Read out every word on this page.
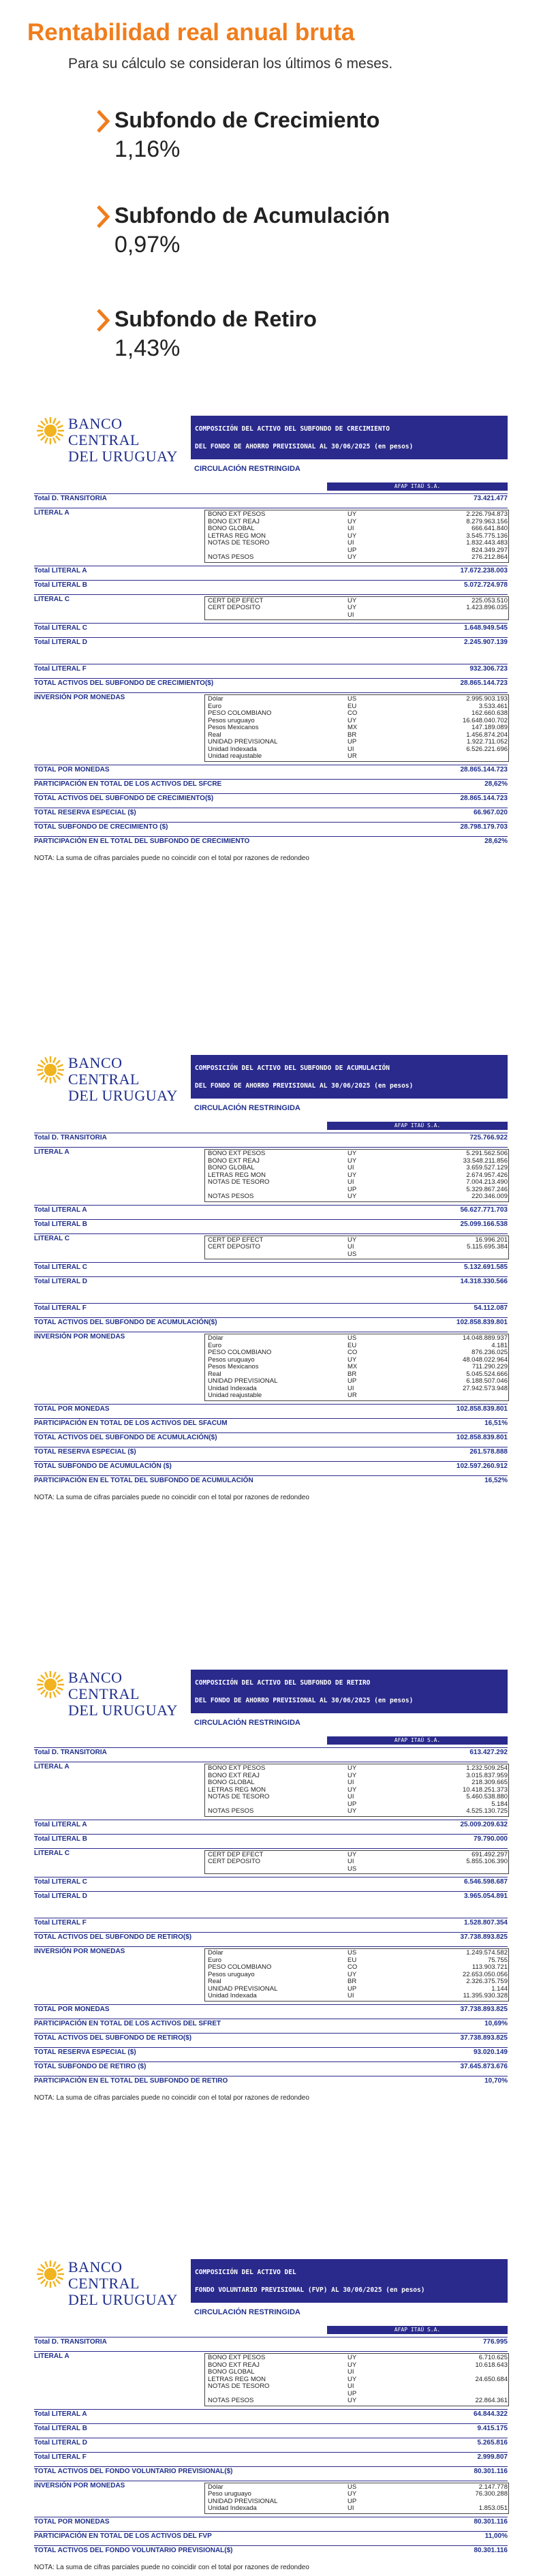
Rentabilidad real anual bruta

Para su cálculo se consideran los últimos 6 meses.

Subfondo de Crecimiento
1,16%
Subfondo de Acumulación
0,97%
Subfondo de Retiro
1,43%
BANCO CENTRAL
DEL URUGUAY
COMPOSICIÓN DEL ACTIVO DEL SUBFONDO DE CRECIMIENTO
DEL FONDO DE AHORRO PREVISIONAL AL 30/06/2025 (en pesos)
CIRCULACIÓN RESTRINGIDA
AFAP ITAÚ S.A.
Total D. TRANSITORIA	73.421.477
LITERAL A	BONO EXT PESOS	UY	2.226.794.873
BONO EXT REAJ	UY	8.279.963.156
BONO GLOBAL	UI	666.641.840
LETRAS REG MON	UY	3.545.775.136
NOTAS DE TESORO	UI	1.832.443.483
UP	824.349.297
NOTAS PESOS	UY	276.212.864
Total LITERAL A	17.672.238.003
Total LITERAL B	5.072.724.978
LITERAL C	CERT DEP EFECT	UY	225.053.510
CERT DEPOSITO	UY	1.423.896.035
UI
Total LITERAL C	1.648.949.545
Total LITERAL D	2.245.907.139
Total LITERAL F	932.306.723
TOTAL ACTIVOS DEL SUBFONDO DE CRECIMIENTO($)	28.865.144.723
INVERSIÓN POR MONEDAS	Dólar	US	2.995.903.193
Euro	EU	3.533.461
PESO COLOMBIANO	CO	162.660.638
Pesos uruguayo	UY	16.648.040.702
Pesos Mexicanos	MX	147.189.089
Real	BR	1.456.874.204
UNIDAD PREVISIONAL	UP	1.922.711.052
Unidad Indexada	UI	6.526.221.696
Unidad reajustable	UR
TOTAL POR MONEDAS	28.865.144.723
PARTICIPACIÓN EN TOTAL DE LOS ACTIVOS DEL SFCRE	28,62%
TOTAL ACTIVOS DEL SUBFONDO DE CRECIMIENTO($)	28.865.144.723
TOTAL RESERVA ESPECIAL ($)	66.967.020
TOTAL SUBFONDO DE CRECIMIENTO ($)	28.798.179.703
PARTICIPACIÓN EN EL TOTAL DEL SUBFONDO DE CRECIMIENTO	28,62%
NOTA: La suma de cifras parciales puede no coincidir con el total por razones de redondeo
BANCO CENTRAL
DEL URUGUAY
COMPOSICIÓN DEL ACTIVO DEL SUBFONDO DE ACUMULACIÓN
DEL FONDO DE AHORRO PREVISIONAL AL 30/06/2025 (en pesos)
CIRCULACIÓN RESTRINGIDA
AFAP ITAÚ S.A.
Total D. TRANSITORIA	725.766.922
LITERAL A	BONO EXT PESOS	UY	5.291.562.506
BONO EXT REAJ	UY	33.548.211.856
BONO GLOBAL	UI	3.659.527.129
LETRAS REG MON	UY	2.674.957.426
NOTAS DE TESORO	UI	7.004.213.490
UP	5.329.867.246
NOTAS PESOS	UY	220.346.009
Total LITERAL A	56.627.771.703
Total LITERAL B	25.099.166.538
LITERAL C	CERT DEP EFECT	UY	16.996.201
CERT DEPOSITO	UI	5.115.695.384
US
Total LITERAL C	5.132.691.585
Total LITERAL D	14.318.330.566
Total LITERAL F	54.112.087
TOTAL ACTIVOS DEL SUBFONDO DE ACUMULACIÓN($)	102.858.839.801
INVERSIÓN POR MONEDAS	Dólar	US	14.048.889.937
Euro	EU	4.181
PESO COLOMBIANO	CO	876.236.025
Pesos uruguayo	UY	48.048.022.964
Pesos Mexicanos	MX	711.290.229
Real	BR	5.045.524.666
UNIDAD PREVISIONAL	UP	6.188.507.046
Unidad Indexada	UI	27.942.573.948
Unidad reajustable	UR
TOTAL POR MONEDAS	102.858.839.801
PARTICIPACIÓN EN TOTAL DE LOS ACTIVOS DEL SFACUM	16,51%
TOTAL ACTIVOS DEL SUBFONDO DE ACUMULACIÓN($)	102.858.839.801
TOTAL RESERVA ESPECIAL ($)	261.578.888
TOTAL SUBFONDO DE ACUMULACIÓN ($)	102.597.260.912
PARTICIPACIÓN EN EL TOTAL DEL SUBFONDO DE ACUMULACIÓN	16,52%
NOTA: La suma de cifras parciales puede no coincidir con el total por razones de redondeo
BANCO CENTRAL
DEL URUGUAY
COMPOSICIÓN DEL ACTIVO DEL SUBFONDO DE RETIRO
DEL FONDO DE AHORRO PREVISIONAL AL 30/06/2025 (en pesos)
CIRCULACIÓN RESTRINGIDA
AFAP ITAÚ S.A.
Total D. TRANSITORIA	613.427.292
LITERAL A	BONO EXT PESOS	UY	1.232.509.254
BONO EXT REAJ	UY	3.015.837.959
BONO GLOBAL	UI	218.309.665
LETRAS REG MON	UY	10.418.251.373
NOTAS DE TESORO	UI	5.460.538.880
UP	5.184
NOTAS PESOS	UY	4.525.130.725
Total LITERAL A	25.009.209.632
Total LITERAL B	79.790.000
LITERAL C	CERT DEP EFECT	UY	691.492.297
CERT DEPOSITO	UI	5.855.106.390
US
Total LITERAL C	6.546.598.687
Total LITERAL D	3.965.054.891
Total LITERAL F	1.528.807.354
TOTAL ACTIVOS DEL SUBFONDO DE RETIRO($)	37.738.893.825
INVERSIÓN POR MONEDAS	Dólar	US	1.249.574.582
Euro	EU	75.755
PESO COLOMBIANO	CO	113.903.721
Pesos uruguayo	UY	22.653.050.056
Real	BR	2.326.375.759
UNIDAD PREVISIONAL	UP	1.144
Unidad Indexada	UI	11.395.930.328
TOTAL POR MONEDAS	37.738.893.825
PARTICIPACIÓN EN TOTAL DE LOS ACTIVOS DEL SFRET	10,69%
TOTAL ACTIVOS DEL SUBFONDO DE RETIRO($)	37.738.893.825
TOTAL RESERVA ESPECIAL ($)	93.020.149
TOTAL SUBFONDO DE RETIRO ($)	37.645.873.676
PARTICIPACIÓN EN EL TOTAL DEL SUBFONDO DE RETIRO	10,70%
NOTA: La suma de cifras parciales puede no coincidir con el total por razones de redondeo
BANCO CENTRAL
DEL URUGUAY
COMPOSICIÓN DEL ACTIVO DEL
FONDO VOLUNTARIO PREVISIONAL (FVP) AL 30/06/2025 (en pesos)
CIRCULACIÓN RESTRINGIDA
AFAP ITAÚ S.A.
Total D. TRANSITORIA	776.995
LITERAL A	BONO EXT PESOS	UY	6.710.625
BONO EXT REAJ	UY	10.618.643
BONO GLOBAL	UI
LETRAS REG MON	UY	24.650.684
NOTAS DE TESORO	UI
UP
NOTAS PESOS	UY	22.864.361
Total LITERAL A	64.844.322
Total LITERAL B	9.415.175
Total LITERAL D	5.265.816
Total LITERAL F	2.999.807
TOTAL ACTIVOS DEL FONDO VOLUNTARIO PREVISIONAL($)	80.301.116
INVERSIÓN POR MONEDAS	Dólar	US	2.147.778
Peso uruguayo	UY	76.300.288
UNIDAD PREVISIONAL	UP
Unidad Indexada	UI	1.853.051
TOTAL POR MONEDAS	80.301.116
PARTICIPACIÓN EN TOTAL DE LOS ACTIVOS DEL FVP	11,00%
TOTAL ACTIVOS DEL FONDO VOLUNTARIO PREVISIONAL($)	80.301.116
NOTA: La suma de cifras parciales puede no coincidir con el total por razones de redondeo
